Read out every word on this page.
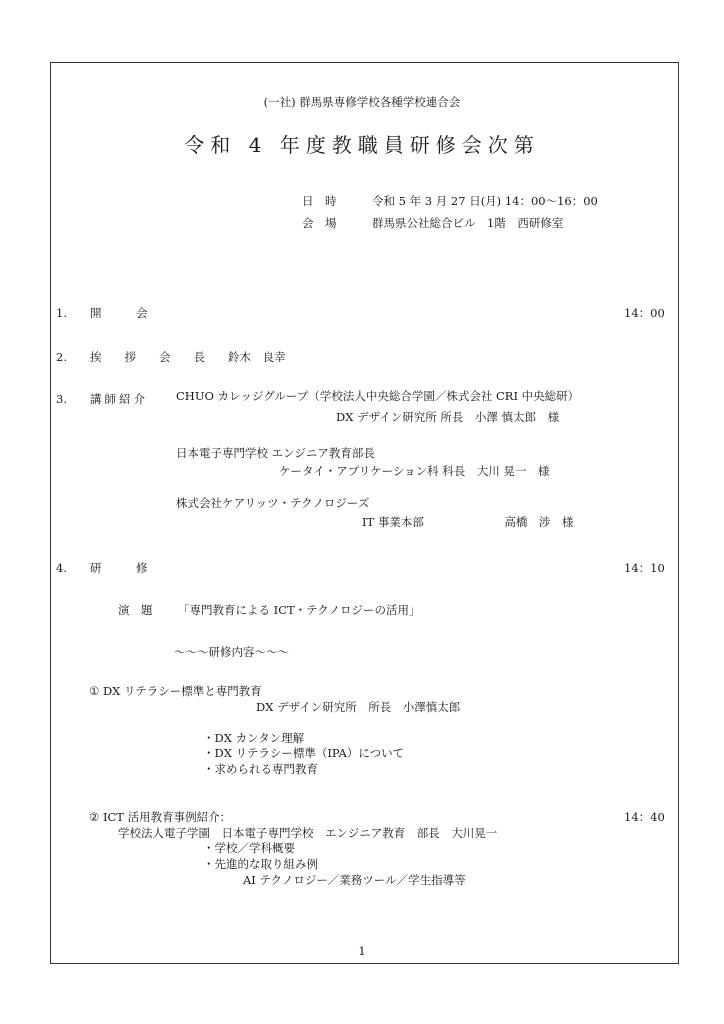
(一社) 群馬県専修学校各種学校連合会
令和 4 年度教職員研修会次第
日　時	令和 5 年 3 月 27 日(月) 14：00～16：00
会　場	群馬県公社総合ビル　1階　西研修室
1. 開　　　会	14：00
2. 挨　　拶　　会　　長　　鈴木　良幸
3. 講師紹介 CHUO カレッジグループ（学校法人中央総合学園／株式会社 CRI 中央総研）
DX デザイン研究所 所長　小澤 慎太郎　様
日本電子専門学校 エンジニア教育部長
ケータイ・アプリケーション科 科長　大川 晃一　様
株式会社ケアリッツ・テクノロジーズ
IT 事業本部　　　　　　　高橋　涉　様
4. 研　　　修	14：10
演　題 「専門教育による ICT・テクノロジーの活用」
～～～研修内容～～～
① DX リテラシー標準と専門教育
DX デザイン研究所　所長　小澤慎太郎
・DX カンタン理解
・DX リテラシー標準（IPA）について
・求められる専門教育
② ICT 活用教育事例紹介：	14：40
学校法人電子学園　日本電子専門学校　エンジニア教育　部長　大川晃一
・学校／学科概要
・先進的な取り組み例
AI テクノロジー／業務ツール／学生指導等
1
